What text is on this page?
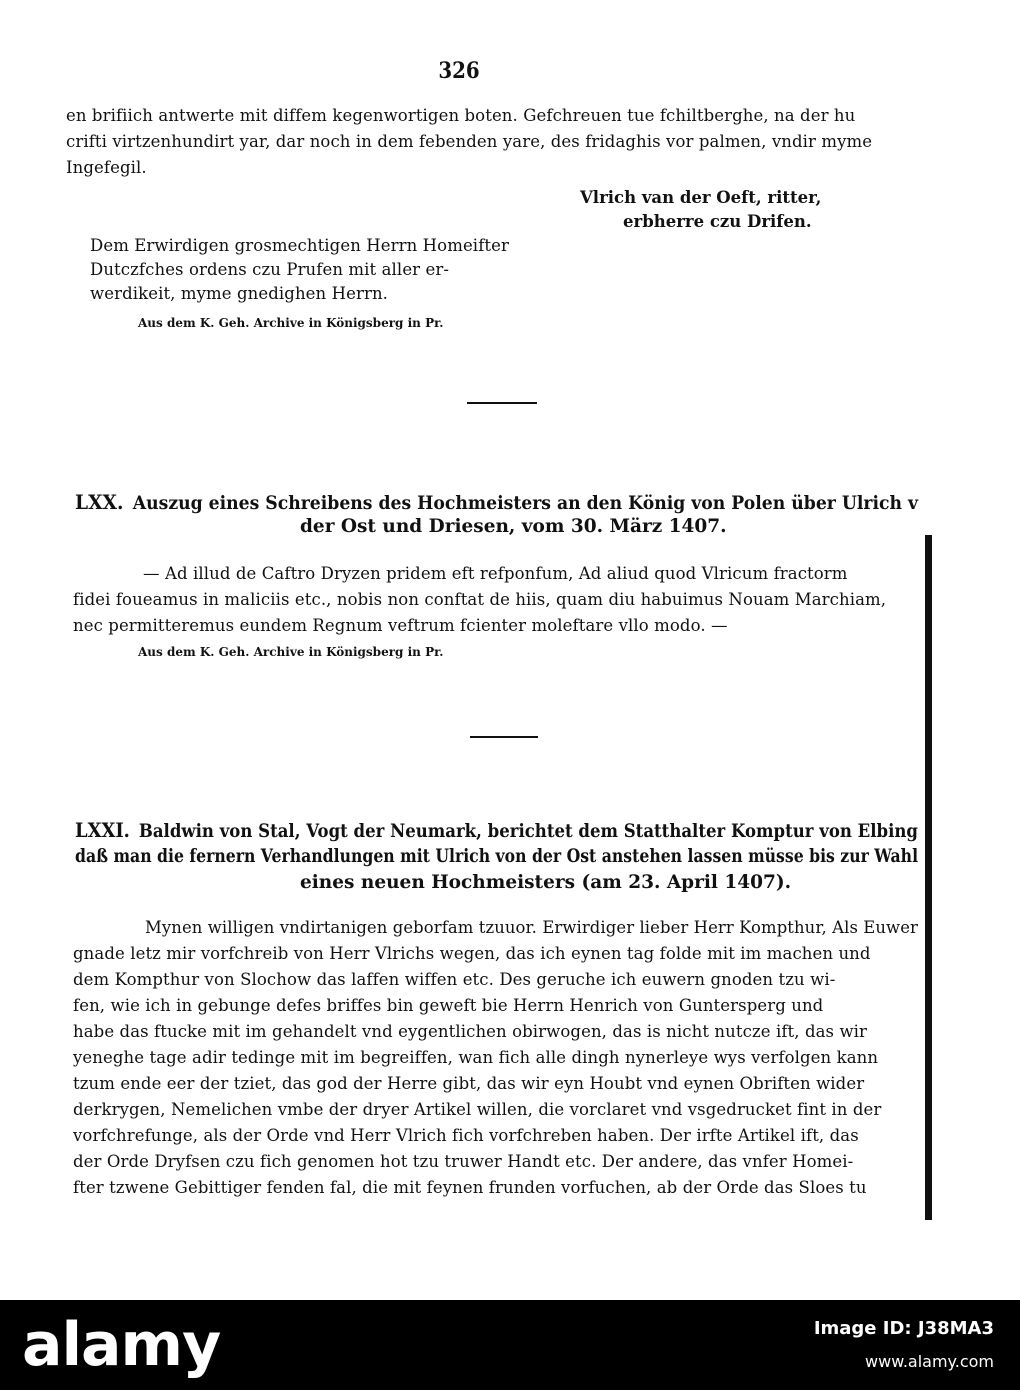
326
en brifiich antwerte mit diffem kegenwortigen boten. Gefchreuen tue fchiltberghe, na der hu
crifti virtzenhundirt yar, dar noch in dem febenden yare, des fridaghis vor palmen, vndir myme
Ingefegil.
Vlrich van der Oeft, ritter,
erbherre czu Drifen.
Dem Erwirdigen grosmechtigen Herrn Homeifter
Dutczfches ordens czu Prufen mit aller er-
werdikeit, myme gnedighen Herrn.
Aus dem K. Geh. Archive in Königsberg in Pr.
LXX. Auszug eines Schreibens des Hochmeisters an den König von Polen über Ulrich v
der Ost und Driesen, vom 30. März 1407.
— Ad illud de Caftro Dryzen pridem eft refponfum, Ad aliud quod Vlricum fractorm
fidei foueamus in maliciis etc., nobis non conftat de hiis, quam diu habuimus Nouam Marchiam,
nec permitteremus eundem Regnum veftrum fcienter moleftare vllo modo. —
Aus dem K. Geh. Archive in Königsberg in Pr.
LXXI. Baldwin von Stal, Vogt der Neumark, berichtet dem Statthalter Komptur von Elbing
daß man die fernern Verhandlungen mit Ulrich von der Ost anstehen lassen müsse bis zur Wahl
eines neuen Hochmeisters (am 23. April 1407).
Mynen willigen vndirtanigen geborfam tzuuor. Erwirdiger lieber Herr Kompthur, Als Euwer
gnade letz mir vorfchreib von Herr Vlrichs wegen, das ich eynen tag folde mit im machen und
dem Kompthur von Slochow das laffen wiffen etc. Des geruche ich euwern gnoden tzu wi-
fen, wie ich in gebunge defes briffes bin geweft bie Herrn Henrich von Guntersperg und
habe das ftucke mit im gehandelt vnd eygentlichen obirwogen, das is nicht nutcze ift, das wir
yeneghe tage adir tedinge mit im begreiffen, wan fich alle dingh nynerleye wys verfolgen kann
tzum ende eer der tziet, das god der Herre gibt, das wir eyn Houbt vnd eynen Obriften wider
derkrygen, Nemelichen vmbe der dryer Artikel willen, die vorclaret vnd vsgedrucket fint in der
vorfchrefunge, als der Orde vnd Herr Vlrich fich vorfchreben haben. Der irfte Artikel ift, das
der Orde Dryfsen czu fich genomen hot tzu truwer Handt etc. Der andere, das vnfer Homei-
fter tzwene Gebittiger fenden fal, die mit feynen frunden vorfuchen, ab der Orde das Sloes tu
alamy	Image ID: J38MA3
www.alamy.com
